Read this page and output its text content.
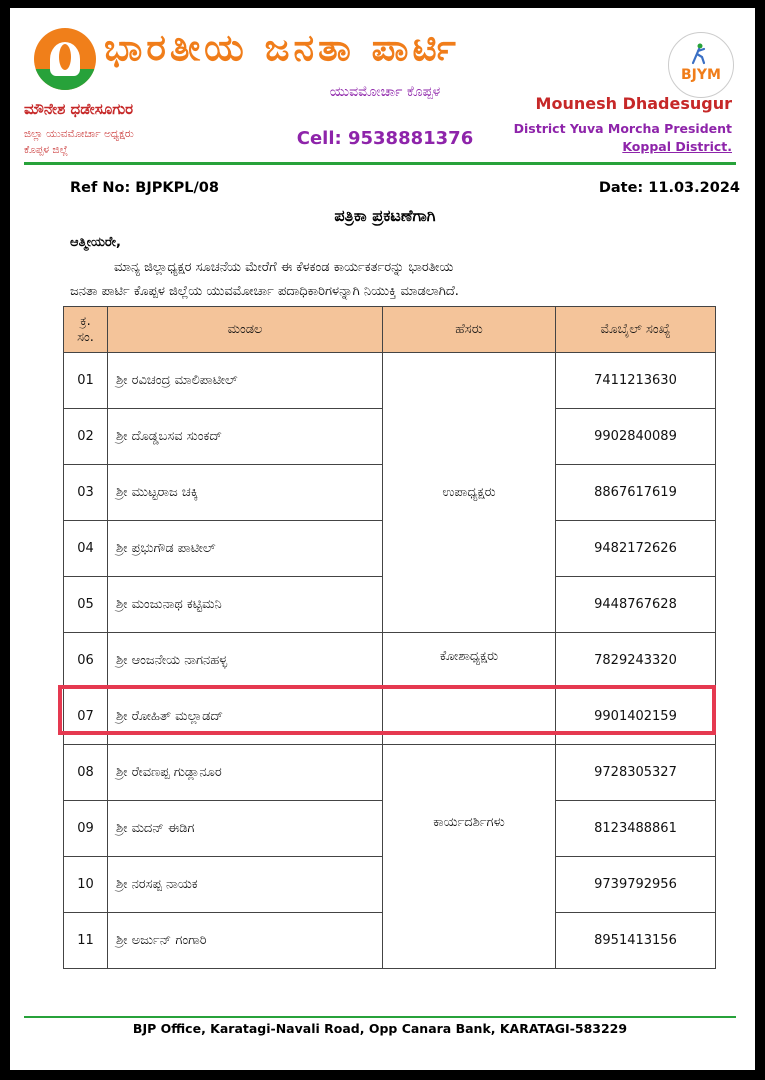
ಭಾರತೀಯ ಜನತಾ ಪಾರ್ಟಿ
BJYM
ಮೌನೇಶ ಧಡೇಸೂಗುರ
ಜಿಲ್ಲಾ ಯುವಮೋರ್ಚಾ ಅಧ್ಯಕ್ಷರು
ಕೊಪ್ಪಳ ಜಿಲ್ಲೆ
ಯುವಮೋರ್ಚಾ ಕೊಪ್ಪಳ
Cell: 9538881376
Mounesh Dhadesugur
District Yuva Morcha President
Koppal District.
Ref No: BJPKPL/08	Date: 11.03.2024
ಪತ್ರಿಕಾ ಪ್ರಕಟಣೆಗಾಗಿ
ಆತ್ಮೀಯರೇ,
ಮಾನ್ಯ ಜಿಲ್ಲಾಧ್ಯಕ್ಷರ ಸೂಚನೆಯ ಮೇರೆಗೆ ಈ ಕೆಳಕಂಡ ಕಾರ್ಯಕರ್ತರನ್ನು ಭಾರತೀಯ
ಜನತಾ ಪಾರ್ಟಿ ಕೊಪ್ಪಳ ಜಿಲ್ಲೆಯ ಯುವಮೋರ್ಚಾ ಪದಾಧಿಕಾರಿಗಳನ್ನಾಗಿ ನಿಯುಕ್ತಿ ಮಾಡಲಾಗಿದೆ.
ಕ್ರ.
ಸಂ.	ಮಂಡಲ	ಹೆಸರು	ಮೊಬೈಲ್ ಸಂಖ್ಯೆ
01	ಶ್ರೀ ರವಿಚಂದ್ರ ಮಾಲಿಪಾಟೀಲ್	ಉಪಾಧ್ಯಕ್ಷರು	7411213630
02	ಶ್ರೀ ದೊಡ್ಡಬಸವ ಸುಂಕದ್		9902840089
03	ಶ್ರೀ ಮುಟ್ಟರಾಜ ಚಕ್ಕಿ		8867617619
04	ಶ್ರೀ ಪ್ರಭುಗೌಡ ಪಾಟೀಲ್		9482172626
05	ಶ್ರೀ ಮಂಜುನಾಥ ಕಟ್ಟಿಮನಿ		9448767628
06	ಶ್ರೀ ಆಂಜನೇಯ ನಾಗನಹಳ್ಳ	ಕೋಶಾಧ್ಯಕ್ಷರು	7829243320
07	ಶ್ರೀ ರೋಹಿತ್ ಮಲ್ಲಾಡದ್		9901402159
08	ಶ್ರೀ ರೇವಣಪ್ಪ ಗುಡ್ಲಾನೂರ	ಕಾರ್ಯದರ್ಶಿಗಳು	9728305327
09	ಶ್ರೀ ಮದನ್ ಈಡಿಗ		8123488861
10	ಶ್ರೀ ನರಸಪ್ಪ ನಾಯಕ		9739792956
11	ಶ್ರೀ ಅರ್ಜುನ್ ಗಂಗಾರಿ		8951413156
BJP Office, Karatagi-Navali Road, Opp Canara Bank, KARATAGI-583229
